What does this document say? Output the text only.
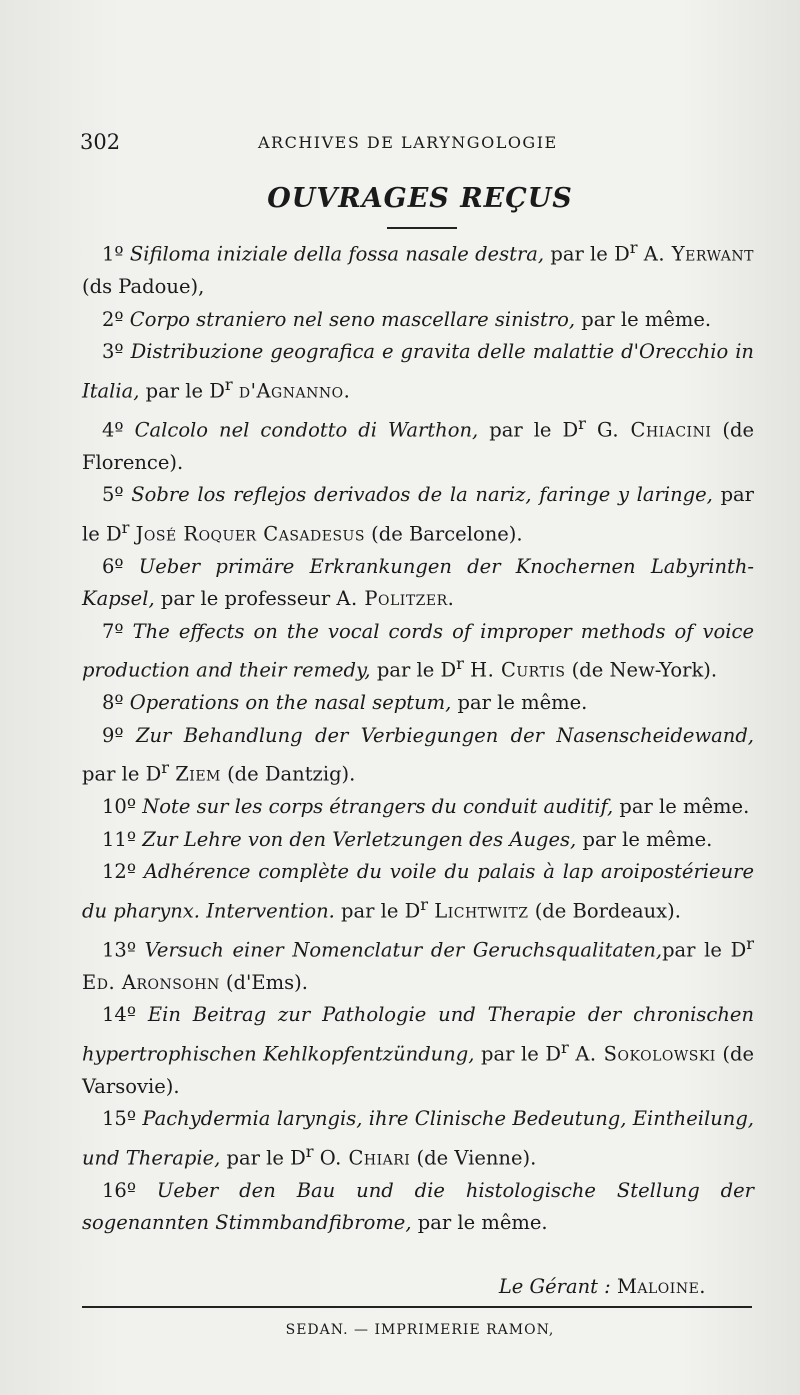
302	ARCHIVES DE LARYNGOLOGIE
OUVRAGES REÇUS

1º Sifiloma iniziale della fossa nasale destra, par le $D^r$ A. Yerwant (ds Padoue),

2º Corpo straniero nel seno mascellare sinistro, par le même.

3º Distribuzione geografica e gravita delle malattie d'Orecchio in Italia, par le $D^r$ d'Agnanno.

4º Calcolo nel condotto di Warthon, par le $D^r$ G. Chiacini (de Florence).

5º Sobre los reflejos derivados de la nariz, faringe y laringe, par le $D^r$ José Roquer Casadesus (de Barcelone).

6º Ueber primäre Erkrankungen der Knochernen Labyrinth-Kapsel, par le professeur A. Politzer.

7º The effects on the vocal cords of improper methods of voice production and their remedy, par le $D^r$ H. Curtis (de New-York).

8º Operations on the nasal septum, par le même.

9º Zur Behandlung der Verbiegungen der Nasenscheidewand, par le $D^r$ Ziem (de Dantzig).

10º Note sur les corps étrangers du conduit auditif, par le même.

11º Zur Lehre von den Verletzungen des Auges, par le même.

12º Adhérence complète du voile du palais à lap aroipostérieure du pharynx. Intervention. par le $D^r$ Lichtwitz (de Bordeaux).

13º Versuch einer Nomenclatur der Geruchsqualitaten,par le $D^r$ Ed. Aronsohn (d'Ems).

14º Ein Beitrag zur Pathologie und Therapie der chronischen hypertrophischen Kehlkopfentzündung, par le $D^r$ A. Sokolowski (de Varsovie).

15º Pachydermia laryngis, ihre Clinische Bedeutung, Eintheilung, und Therapie, par le $D^r$ O. Chiari (de Vienne).

16º Ueber den Bau und die histologische Stellung der sogenannten Stimmbandfibrome, par le même.

Le Gérant : Maloine.
SEDAN. — IMPRIMERIE RAMON,
